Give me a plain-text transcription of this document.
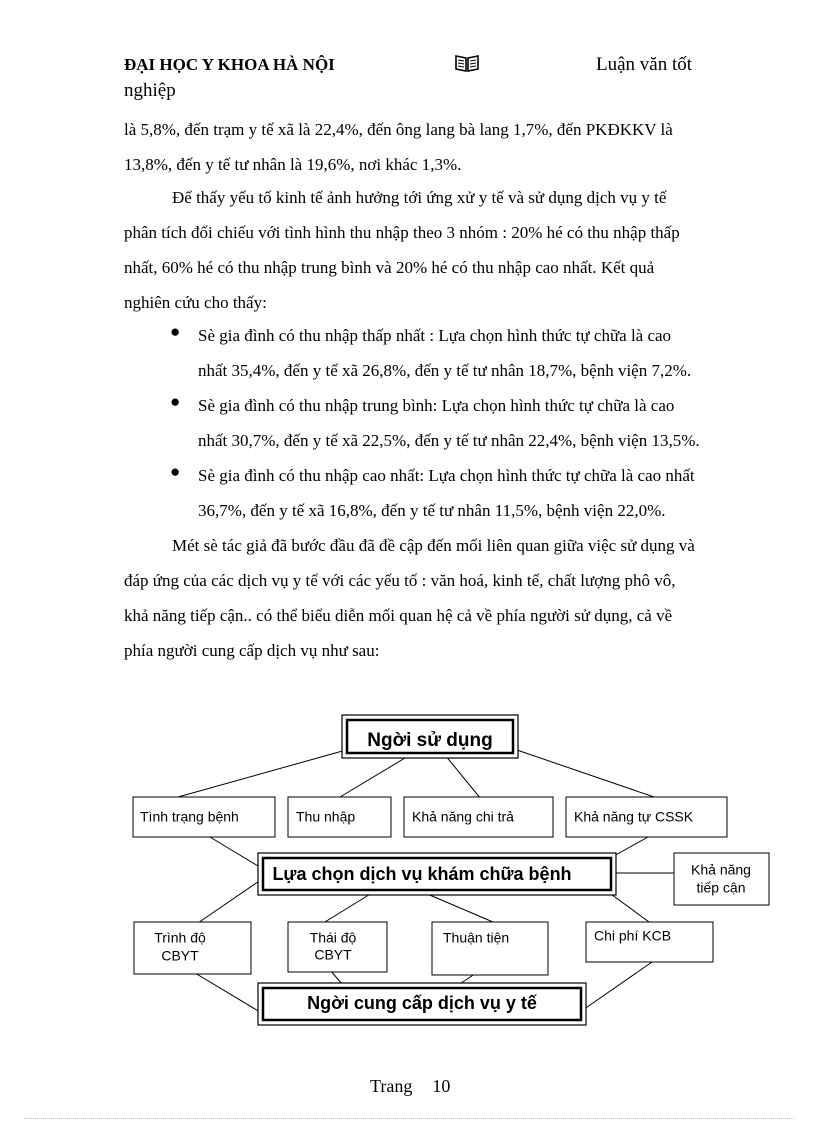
ĐẠI HỌC Y KHOA HÀ NỘI	Luận văn tốt
nghiệp
là 5,8%, đến trạm y tế xã là 22,4%, đến ông lang bà lang 1,7%, đến PKĐKKV là
13,8%, đến y tế tư nhân là 19,6%, nơi khác 1,3%.
Để thấy yếu tố kinh tế ảnh hưởng tới ứng xử y tế và sử dụng dịch vụ y tế
phân tích đối chiếu với tình hình thu nhập theo 3 nhóm : 20% hé có thu nhập thấp
nhất, 60% hé có thu nhập trung bình và 20% hé có thu nhập cao nhất. Kết quả
nghiên cứu cho thấy:
● Sè gia đình có thu nhập thấp nhất : Lựa chọn hình thức tự chữa là cao
nhất 35,4%, đến y tế xã 26,8%, đến y tế tư nhân 18,7%, bệnh viện 7,2%.
● Sè gia đình có thu nhập trung bình: Lựa chọn hình thức tự chữa là cao
nhất 30,7%, đến y tế xã 22,5%, đến y tế tư nhân 22,4%, bệnh viện 13,5%.
● Sè gia đình có thu nhập cao nhất: Lựa chọn hình thức tự chữa là cao nhất
36,7%, đến y tế xã 16,8%, đến y tế tư nhân 11,5%, bệnh viện 22,0%.
Mét sè tác giả đã bước đầu đã đề cập đến mối liên quan giữa việc sử dụng và
đáp ứng của các dịch vụ y tế với các yếu tố : văn hoá, kinh tế, chất lượng phô vô,
khả năng tiếp cận.. có thể biểu diễn mối quan hệ cả về phía người sử dụng, cả về
phía người cung cấp dịch vụ như sau:
Ngời sử dụng
Tình trạng bệnh	Thu nhập	Khả năng chi trả	Khả năng tự CSSK
Lựa chọn dịch vụ khám chữa bệnh	Khả năng
tiếp cận
Trình độ
CBYT
Thái độ
CBYT
Thuận tiện	Chi phí KCB
Ngời cung cấp dịch vụ y tế
Trang 10
